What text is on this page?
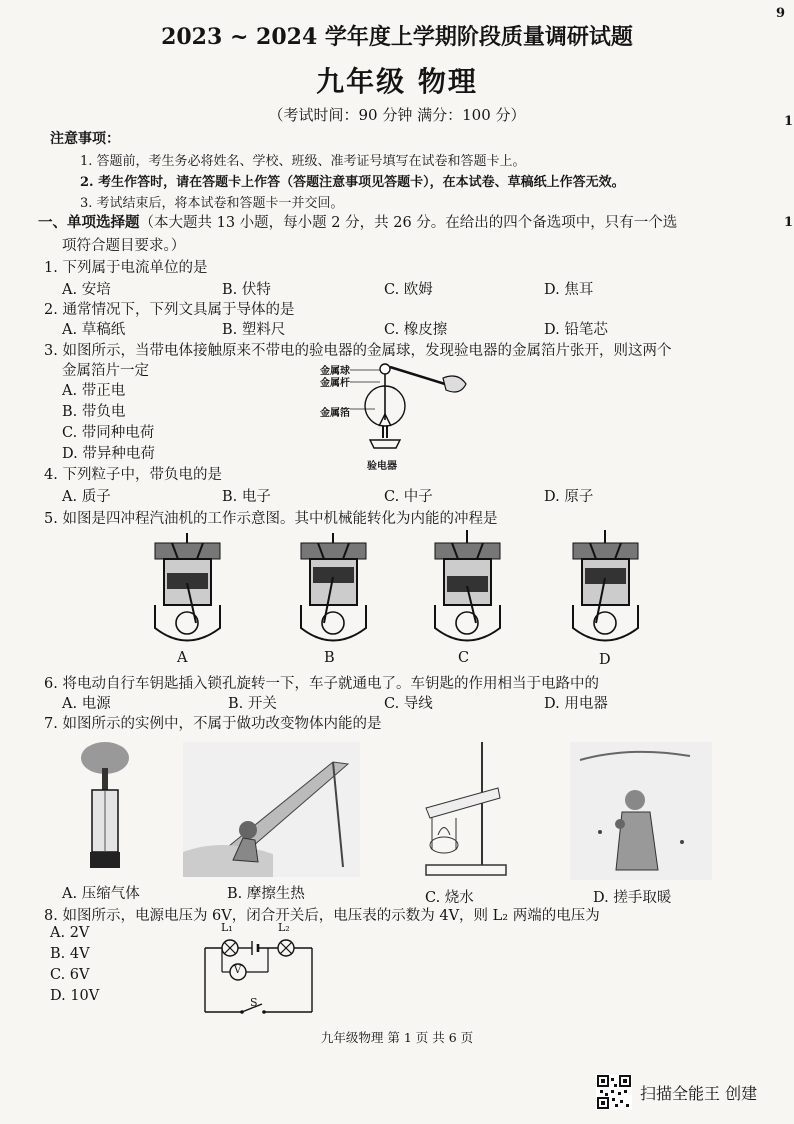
9
1
1
2023 ~ 2024 学年度上学期阶段质量调研试题
九年级 物理
（考试时间：90 分钟 满分：100 分）
注意事项：
1. 答题前，考生务必将姓名、学校、班级、准考证号填写在试卷和答题卡上。
2. 考生作答时，请在答题卡上作答（答题注意事项见答题卡），在本试卷、草稿纸上作答无效。
3. 考试结束后，将本试卷和答题卡一并交回。
一、单项选择题（本大题共 13 小题，每小题 2 分，共 26 分。在给出的四个备选项中，只有一个选
项符合题目要求。）
1. 下列属于电流单位的是
A. 安培	B. 伏特	C. 欧姆	D. 焦耳
2. 通常情况下，下列文具属于导体的是
A. 草稿纸	B. 塑料尺	C. 橡皮擦	D. 铅笔芯
3. 如图所示，当带电体接触原来不带电的验电器的金属球，发现验电器的金属箔片张开，则这两个
金属箔片一定
A. 带正电
B. 带负电
C. 带同种电荷
D. 带异种电荷
金属球
金属杆
金属箔
验电器
4. 下列粒子中，带负电的是
A. 质子	B. 电子	C. 中子	D. 原子
5. 如图是四冲程汽油机的工作示意图。其中机械能转化为内能的冲程是
A	B	C	D
6. 将电动自行车钥匙插入锁孔旋转一下，车子就通电了。车钥匙的作用相当于电路中的
A. 电源	B. 开关	C. 导线	D. 用电器
7. 如图所示的实例中，不属于做功改变物体内能的是
A. 压缩气体	B. 摩擦生热	C. 烧水	D. 搓手取暖
8. 如图所示，电源电压为 6V，闭合开关后，电压表的示数为 4V，则 L₂ 两端的电压为
A. 2V
B. 4V
C. 6V
D. 10V
L₁	L₂
V
S
九年级物理 第 1 页 共 6 页
扫描全能王 创建
